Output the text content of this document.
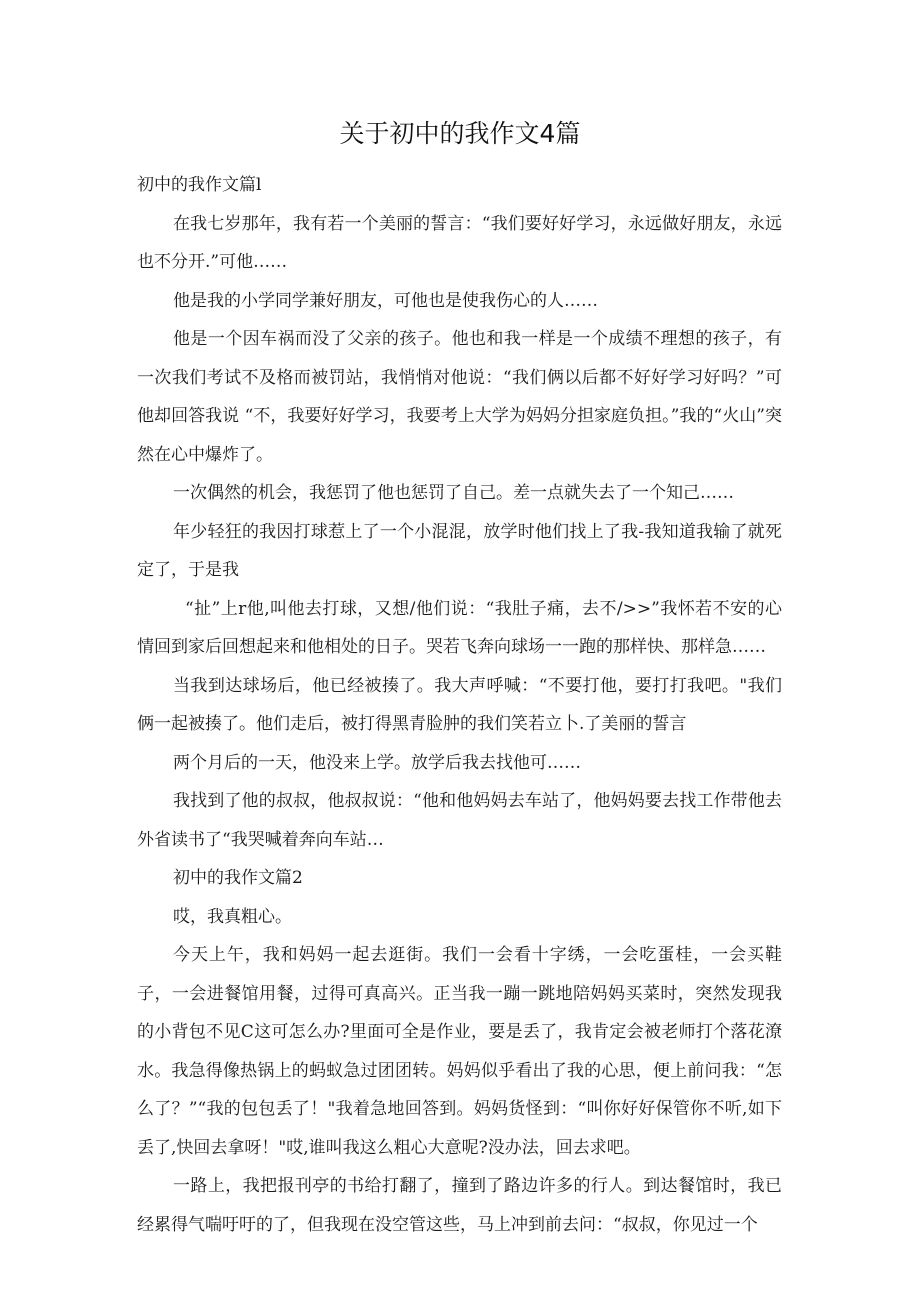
关于初中的我作文4篇

初中的我作文篇l

在我七岁那年，我有若一个美丽的誓言：“我们要好好学习，永远做好朋友，永远也不分开.”可他……

他是我的小学同学兼好朋友，可他也是使我伤心的人……

他是一个因车祸而没了父亲的孩子。他也和我一样是一个成绩不理想的孩子，有一次我们考试不及格而被罚站，我悄悄对他说：“我们俩以后都不好好学习好吗？”可他却回答我说 “不，我要好好学习，我要考上大学为妈妈分担家庭负担。”我的“火山”突然在心中爆炸了。

一次偶然的机会，我惩罚了他也惩罚了自己。差一点就失去了一个知己……

年少轻狂的我因打球惹上了一个小混混，放学时他们找上了我-我知道我输了就死定了，于是我

“扯”上r他,叫他去打球，又想/他们说：“我肚子痛，去不/>>”我怀若不安的心情回到家后回想起来和他相处的日子。哭若飞奔向球场一一跑的那样快、那样急……

当我到达球场后，他已经被揍了。我大声呼喊：“不要打他，要打打我吧。"我们俩一起被揍了。他们走后，被打得黑青脸肿的我们笑若立卜.了美丽的誓言

两个月后的一天，他没来上学。放学后我去找他可……

我找到了他的叔叔，他叔叔说：“他和他妈妈去车站了，他妈妈要去找工作带他去外省读书了“我哭喊着奔向车站…

初中的我作文篇2

哎，我真粗心。

今天上午，我和妈妈一起去逛街。我们一会看十字绣，一会吃蛋桂，一会买鞋子，一会进餐馆用餐，过得可真高兴。正当我一蹦一跳地陪妈妈买菜时，突然发现我的小背包不见C这可怎么办?里面可全是作业，要是丢了，我肯定会被老师打个落花潦水。我急得像热锅上的蚂蚁急过团团转。妈妈似乎看出了我的心思，便上前问我：“怎么了？”“我的包包丢了！"我着急地回答到。妈妈货怪到：“叫你好好保管你不听,如下丢了,快回去拿呀！"哎,谁叫我这么粗心大意呢?没办法，回去求吧。

一路上，我把报刊亭的书给打翻了，撞到了路边许多的行人。到达餐馆时，我已经累得气喘吁吁的了，但我现在没空管这些，马上冲到前去问：“叔叔，你见过一个
